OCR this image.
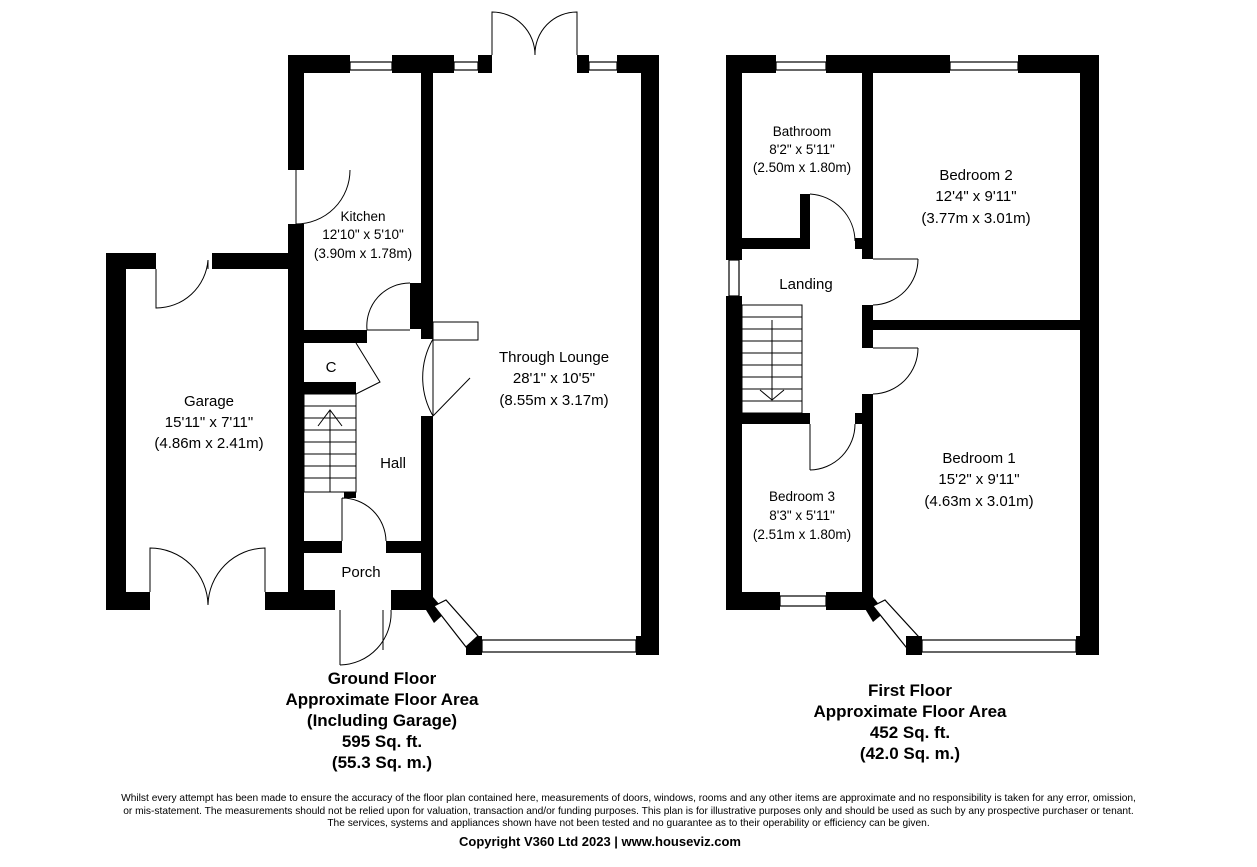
Kitchen
12'10" x 5'10"
(3.90m x 1.78m)
Through Lounge
28'1" x 10'5"
(8.55m x 3.17m)
Garage
15'11" x 7'11"
(4.86m x 2.41m)
C
Hall
Porch
Bathroom
8'2" x 5'11"
(2.50m x 1.80m)	Bedroom 2
12'4" x 9'11"
(3.77m x 3.01m)
Landing
Bedroom 1
15'2" x 9'11"
(4.63m x 3.01m)
Bedroom 3
8'3" x 5'11"
(2.51m x 1.80m)
Ground Floor
Approximate Floor Area
(Including Garage)
595 Sq. ft.
(55.3 Sq. m.)
First Floor
Approximate Floor Area
452 Sq. ft.
(42.0 Sq. m.)
Whilst every attempt has been made to ensure the accuracy of the floor plan contained here, measurements of doors, windows, rooms and any other items are approximate and no responsibility is taken for any error, omission,
or mis-statement. The measurements should not be relied upon for valuation, transaction and/or funding purposes. This plan is for illustrative purposes only and should be used as such by any prospective purchaser or tenant.
The services, systems and appliances shown have not been tested and no guarantee as to their operability or efficiency can be given.
Copyright V360 Ltd 2023 | www.houseviz.com
